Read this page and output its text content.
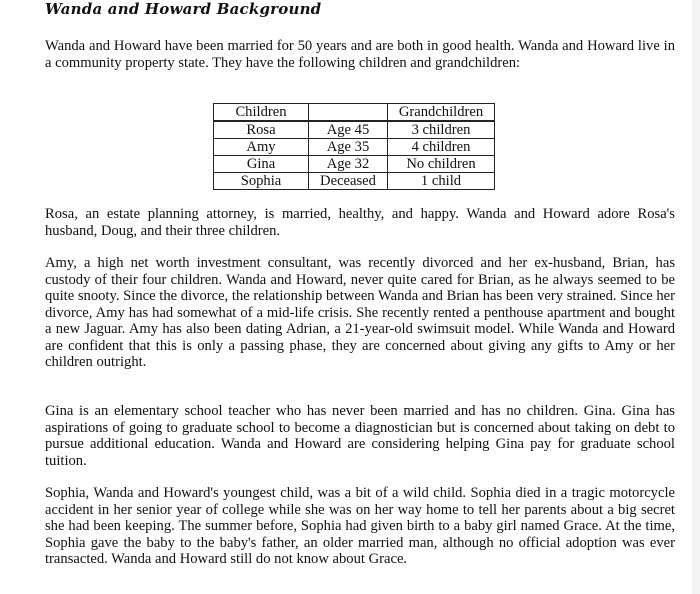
Wanda and Howard Background

Wanda and Howard have been married for 50 years and are both in good health. Wanda and Howard live in a community property state. They have the following children and grandchildren:

Children		Grandchildren
Rosa	Age 45	3 children
Amy	Age 35	4 children
Gina	Age 32	No children
Sophia	Deceased	1 child

Rosa, an estate planning attorney, is married, healthy, and happy. Wanda and Howard adore Rosa's husband, Doug, and their three children.

Amy, a high net worth investment consultant, was recently divorced and her ex-husband, Brian, has custody of their four children. Wanda and Howard, never quite cared for Brian, as he always seemed to be quite snooty. Since the divorce, the relationship between Wanda and Brian has been very strained. Since her divorce, Amy has had somewhat of a mid-life crisis. She recently rented a penthouse apartment and bought a new Jaguar. Amy has also been dating Adrian, a 21-year-old swimsuit model. While Wanda and Howard are confident that this is only a passing phase, they are concerned about giving any gifts to Amy or her children outright.

Gina is an elementary school teacher who has never been married and has no children. Gina. Gina has aspirations of going to graduate school to become a diagnostician but is concerned about taking on debt to pursue additional education. Wanda and Howard are considering helping Gina pay for graduate school tuition.

Sophia, Wanda and Howard's youngest child, was a bit of a wild child. Sophia died in a tragic motorcycle accident in her senior year of college while she was on her way home to tell her parents about a big secret she had been keeping. The summer before, Sophia had given birth to a baby girl named Grace. At the time, Sophia gave the baby to the baby's father, an older married man, although no official adoption was ever transacted. Wanda and Howard still do not know about Grace.
